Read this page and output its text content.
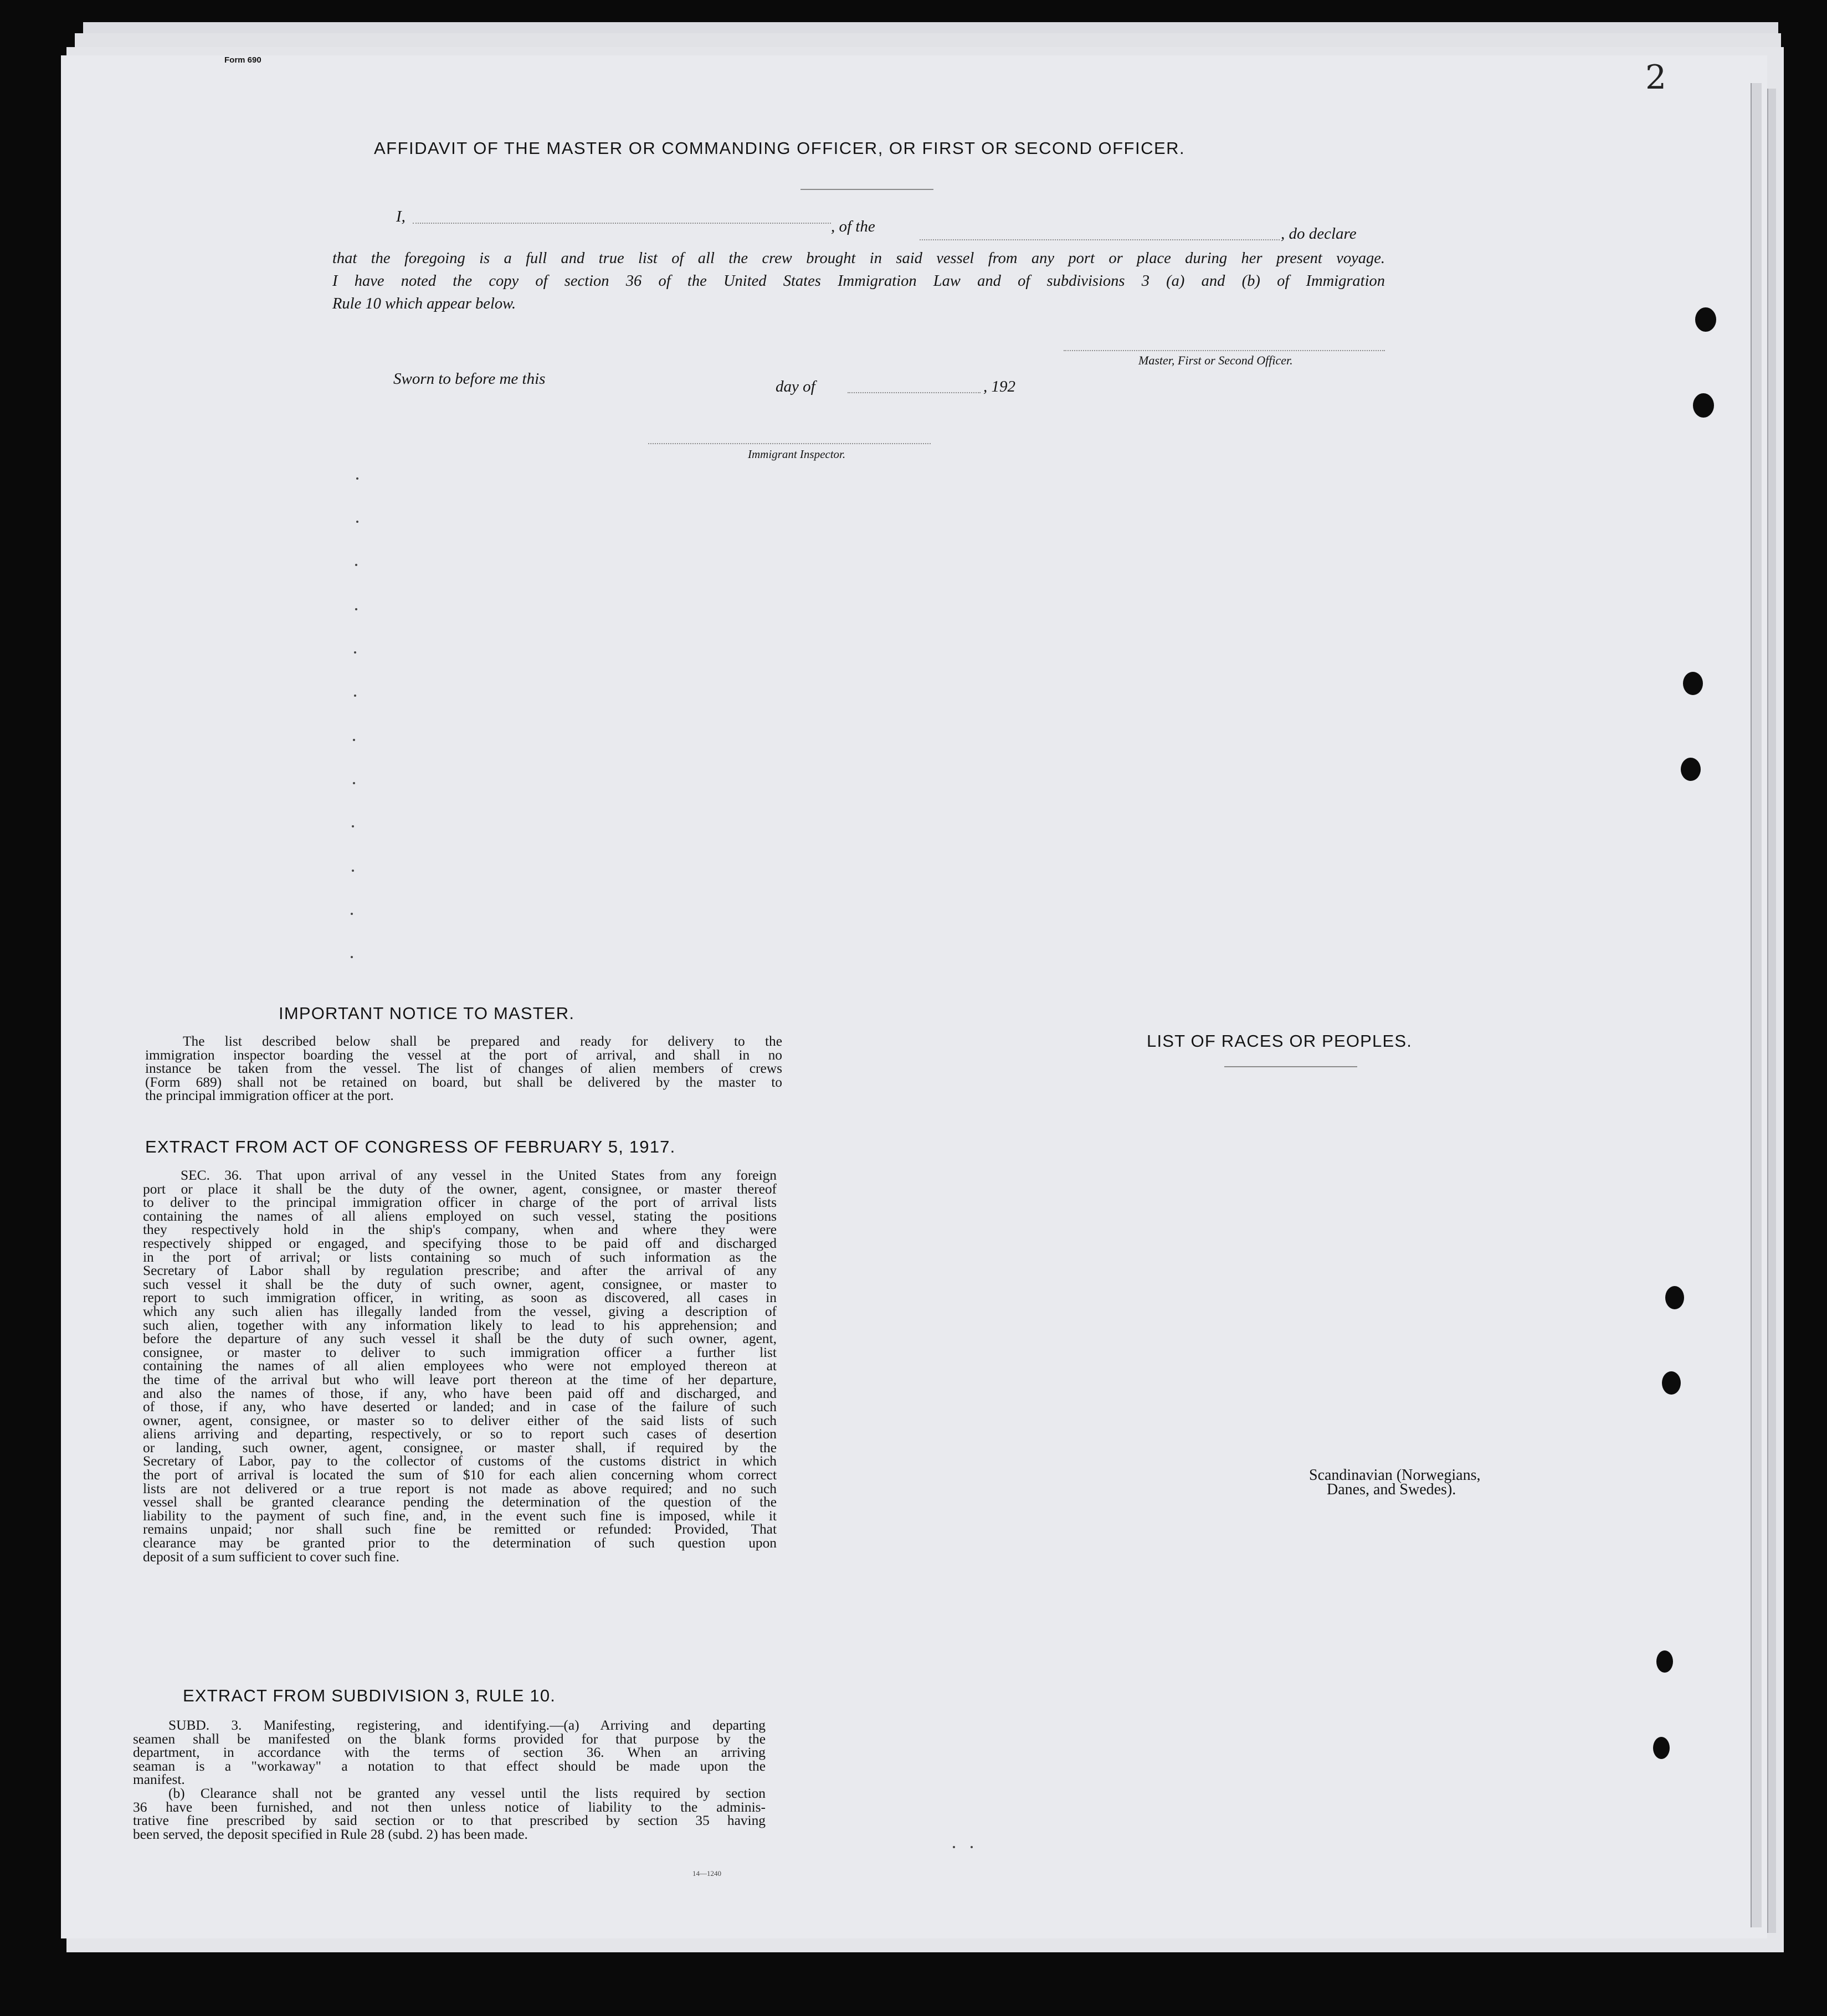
Form 690	2
AFFIDAVIT OF THE MASTER OR COMMANDING OFFICER, OR FIRST OR SECOND OFFICER.
I,
, of the	, do declare
that the foregoing is a full and true list of all the crew brought in said vessel from any port or place during her present voyage.
I have noted the copy of section 36 of the United States Immigration Law and of subdivisions 3 (a) and (b) of Immigration
Rule 10 which appear below.
Master, First or Second Officer.
Sworn to before me this	day of	, 192
Immigrant Inspector.
IMPORTANT NOTICE TO MASTER.
The list described below shall be prepared and ready for delivery to the
immigration inspector boarding the vessel at the port of arrival, and shall in no
instance be taken from the vessel. The list of changes of alien members of crews
(Form 689) shall not be retained on board, but shall be delivered by the master to
the principal immigration officer at the port.
EXTRACT FROM ACT OF CONGRESS OF FEBRUARY 5, 1917.
SEC. 36. That upon arrival of any vessel in the United States from any foreign
port or place it shall be the duty of the owner, agent, consignee, or master thereof
to deliver to the principal immigration officer in charge of the port of arrival lists
containing the names of all aliens employed on such vessel, stating the positions
they respectively hold in the ship's company, when and where they were
respectively shipped or engaged, and specifying those to be paid off and discharged
in the port of arrival; or lists containing so much of such information as the
Secretary of Labor shall by regulation prescribe; and after the arrival of any
such vessel it shall be the duty of such owner, agent, consignee, or master to
report to such immigration officer, in writing, as soon as discovered, all cases in
which any such alien has illegally landed from the vessel, giving a description of
such alien, together with any information likely to lead to his apprehension; and
before the departure of any such vessel it shall be the duty of such owner, agent,
consignee, or master to deliver to such immigration officer a further list
containing the names of all alien employees who were not employed thereon at
the time of the arrival but who will leave port thereon at the time of her departure,
and also the names of those, if any, who have been paid off and discharged, and
of those, if any, who have deserted or landed; and in case of the failure of such
owner, agent, consignee, or master so to deliver either of the said lists of such
aliens arriving and departing, respectively, or so to report such cases of desertion
or landing, such owner, agent, consignee, or master shall, if required by the
Secretary of Labor, pay to the collector of customs of the customs district in which
the port of arrival is located the sum of $10 for each alien concerning whom correct
lists are not delivered or a true report is not made as above required; and no such
vessel shall be granted clearance pending the determination of the question of the
liability to the payment of such fine, and, in the event such fine is imposed, while it
remains unpaid; nor shall such fine be remitted or refunded: Provided, That
clearance may be granted prior to the determination of such question upon
deposit of a sum sufficient to cover such fine.
EXTRACT FROM SUBDIVISION 3, RULE 10.
SUBD. 3. Manifesting, registering, and identifying.—(a) Arriving and departing
seamen shall be manifested on the blank forms provided for that purpose by the
department, in accordance with the terms of section 36. When an arriving
seaman is a "workaway" a notation to that effect should be made upon the
manifest.
(b) Clearance shall not be granted any vessel until the lists required by section
36 have been furnished, and not then unless notice of liability to the adminis-
trative fine prescribed by said section or to that prescribed by section 35 having
been served, the deposit specified in Rule 28 (subd. 2) has been made.
14—1240
LIST OF RACES OR PEOPLES.
Scandinavian (Norwegians,
Danes, and Swedes).
